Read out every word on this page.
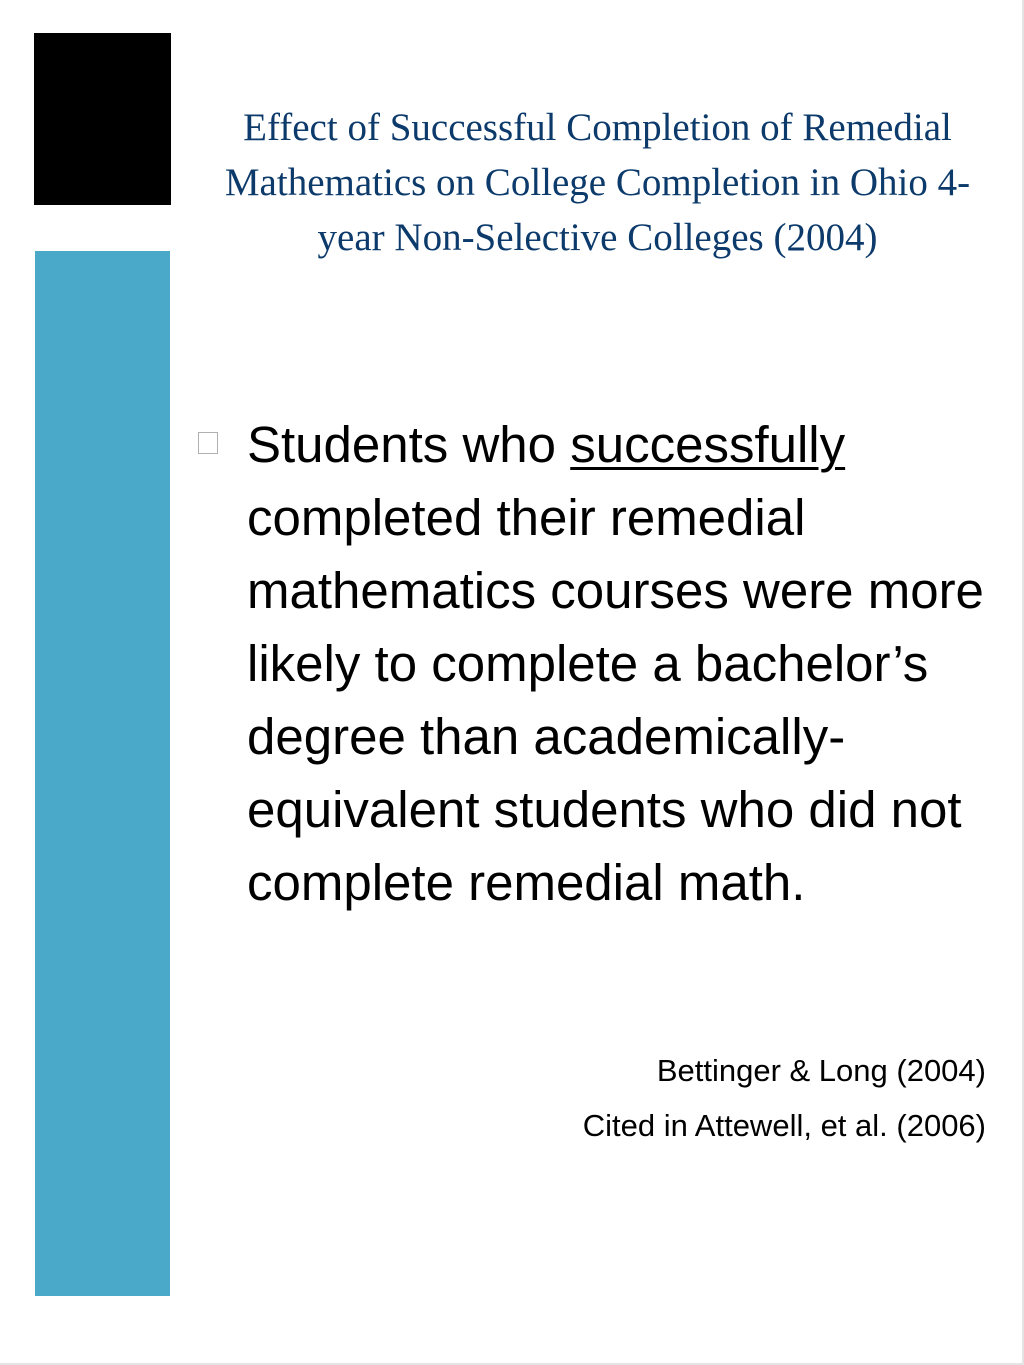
Effect of Successful Completion of Remedial Mathematics on College Completion in Ohio 4-year Non-Selective Colleges (2004)

Students who successfully completed their remedial mathematics courses were more likely to complete a bachelor’s degree than academically-equivalent students who did not complete remedial math.

Bettinger & Long (2004)

Cited in Attewell, et al. (2006)
